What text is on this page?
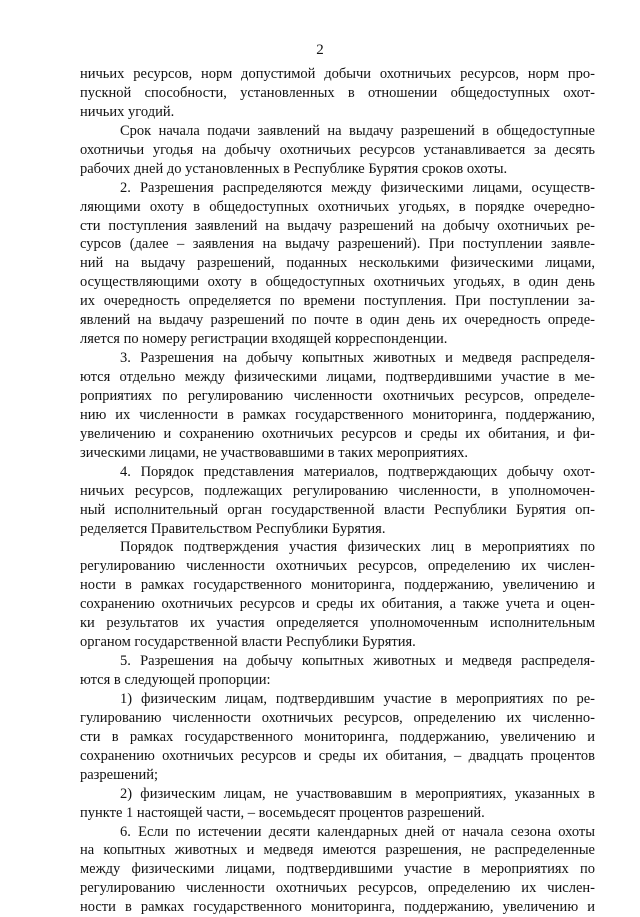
2
ничьих ресурсов, норм допустимой добычи охотничьих ресурсов, норм про-
пускной способности, установленных в отношении общедоступных охот-
ничьих угодий.
Срок начала подачи заявлений на выдачу разрешений в общедоступные
охотничьи угодья на добычу охотничьих ресурсов устанавливается за десять
рабочих дней до установленных в Республике Бурятия сроков охоты.
2. Разрешения распределяются между физическими лицами, осуществ-
ляющими охоту в общедоступных охотничьих угодьях, в порядке очередно-
сти поступления заявлений на выдачу разрешений на добычу охотничьих ре-
сурсов (далее – заявления на выдачу разрешений). При поступлении заявле-
ний на выдачу разрешений, поданных несколькими физическими лицами,
осуществляющими охоту в общедоступных охотничьих угодьях, в один день
их очередность определяется по времени поступления. При поступлении за-
явлений на выдачу разрешений по почте в один день их очередность опреде-
ляется по номеру регистрации входящей корреспонденции.
3. Разрешения на добычу копытных животных и медведя распределя-
ются отдельно между физическими лицами, подтвердившими участие в ме-
роприятиях по регулированию численности охотничьих ресурсов, определе-
нию их численности в рамках государственного мониторинга, поддержанию,
увеличению и сохранению охотничьих ресурсов и среды их обитания, и фи-
зическими лицами, не участвовавшими в таких мероприятиях.
4. Порядок представления материалов, подтверждающих добычу охот-
ничьих ресурсов, подлежащих регулированию численности, в уполномочен-
ный исполнительный орган государственной власти Республики Бурятия оп-
ределяется Правительством Республики Бурятия.
Порядок подтверждения участия физических лиц в мероприятиях по
регулированию численности охотничьих ресурсов, определению их числен-
ности в рамках государственного мониторинга, поддержанию, увеличению и
сохранению охотничьих ресурсов и среды их обитания, а также учета и оцен-
ки результатов их участия определяется уполномоченным исполнительным
органом государственной власти Республики Бурятия.
5. Разрешения на добычу копытных животных и медведя распределя-
ются в следующей пропорции:
1) физическим лицам, подтвердившим участие в мероприятиях по ре-
гулированию численности охотничьих ресурсов, определению их численно-
сти в рамках государственного мониторинга, поддержанию, увеличению и
сохранению охотничьих ресурсов и среды их обитания, – двадцать процентов
разрешений;
2) физическим лицам, не участвовавшим в мероприятиях, указанных в
пункте 1 настоящей части, – восемьдесят процентов разрешений.
6. Если по истечении десяти календарных дней от начала сезона охоты
на копытных животных и медведя имеются разрешения, не распределенные
между физическими лицами, подтвердившими участие в мероприятиях по
регулированию численности охотничьих ресурсов, определению их числен-
ности в рамках государственного мониторинга, поддержанию, увеличению и
